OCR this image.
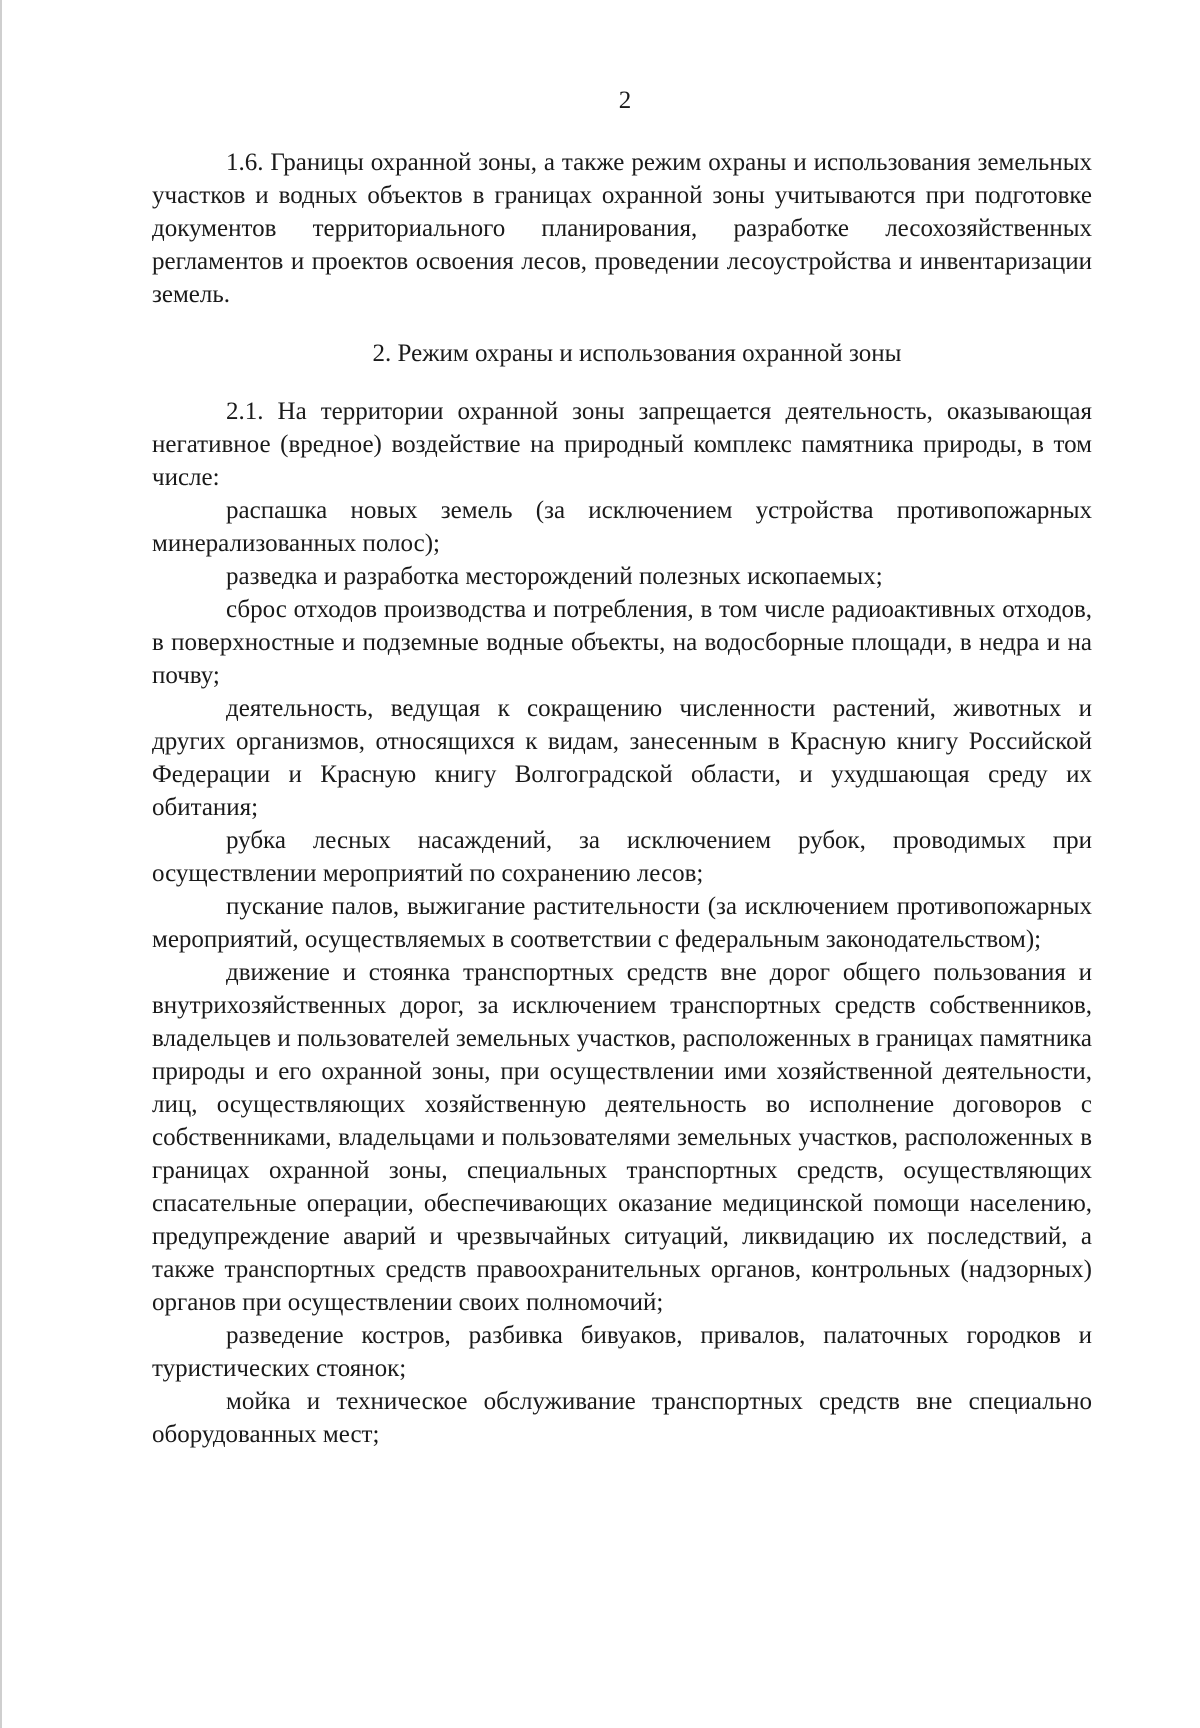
2

1.6. Границы охранной зоны, а также режим охраны и использования земельных участков и водных объектов в границах охранной зоны учитываются при подготовке документов территориального планирования, разработке лесохозяйственных регламентов и проектов освоения лесов, проведении лесоустройства и инвентаризации земель.

2. Режим охраны и использования охранной зоны

2.1. На территории охранной зоны запрещается деятельность, оказывающая негативное (вредное) воздействие на природный комплекс памятника природы, в том числе:

распашка новых земель (за исключением устройства противопожарных минерализованных полос);
разведка и разработка месторождений полезных ископаемых;
сброс отходов производства и потребления, в том числе радиоактивных отходов, в поверхностные и подземные водные объекты, на водосборные площади, в недра и на почву;
деятельность, ведущая к сокращению численности растений, животных и других организмов, относящихся к видам, занесенным в Красную книгу Российской Федерации и Красную книгу Волгоградской области, и ухудшающая среду их обитания;
рубка лесных насаждений, за исключением рубок, проводимых при осуществлении мероприятий по сохранению лесов;
пускание палов, выжигание растительности (за исключением противопожарных мероприятий, осуществляемых в соответствии с федеральным законодательством);
движение и стоянка транспортных средств вне дорог общего пользования и внутрихозяйственных дорог, за исключением транспортных средств собственников, владельцев и пользователей земельных участков, расположенных в границах памятника природы и его охранной зоны, при осуществлении ими хозяйственной деятельности, лиц, осуществляющих хозяйственную деятельность во исполнение договоров с собственниками, владельцами и пользователями земельных участков, расположенных в границах охранной зоны, специальных транспортных средств, осуществляющих спасательные операции, обеспечивающих оказание медицинской помощи населению, предупреждение аварий и чрезвычайных ситуаций, ликвидацию их последствий, а также транспортных средств правоохранительных органов, контрольных (надзорных) органов при осуществлении своих полномочий;
разведение костров, разбивка бивуаков, привалов, палаточных городков и туристических стоянок;
мойка и техническое обслуживание транспортных средств вне специально оборудованных мест;
